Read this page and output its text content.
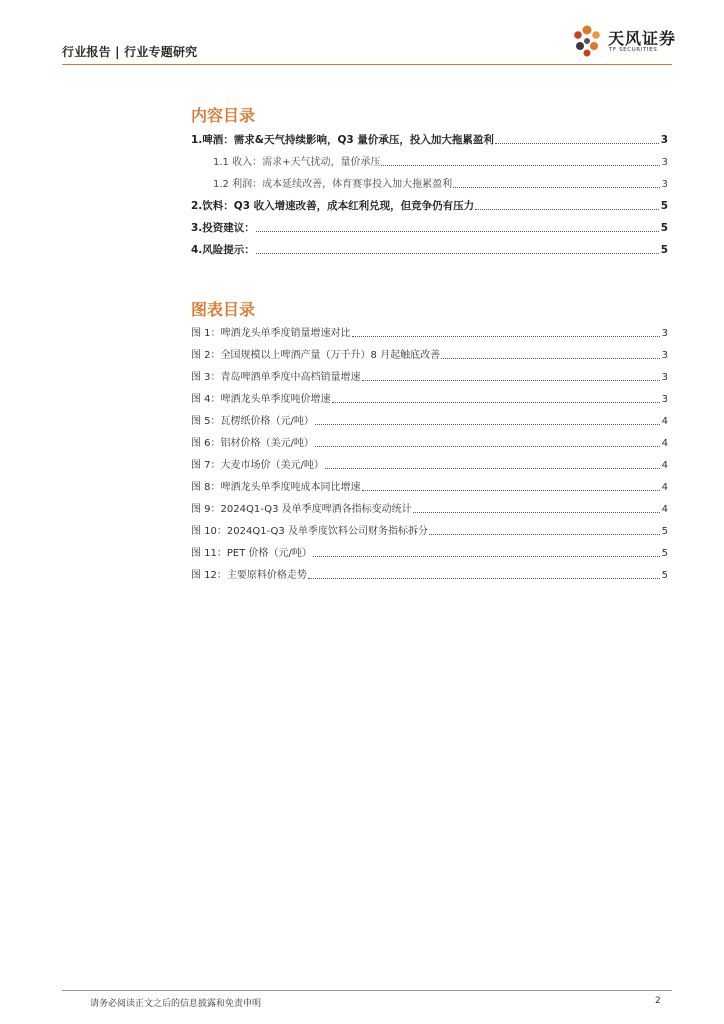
行业报告 | 行业专题研究
天风证券
TF SECURITIES
内容目录
1.啤酒：需求&天气持续影响，Q3 量价承压，投入加大拖累盈利	3
1.1 收入：需求+天气扰动，量价承压	3
1.2 利润：成本延续改善，体育赛事投入加大拖累盈利	3
2.饮料：Q3 收入增速改善，成本红利兑现，但竞争仍有压力	5
3.投资建议：	5
4.风险提示：	5
图表目录
图 1：啤酒龙头单季度销量增速对比	3
图 2：全国规模以上啤酒产量（万千升）8 月起触底改善	3
图 3：青岛啤酒单季度中高档销量增速	3
图 4：啤酒龙头单季度吨价增速	3
图 5：瓦楞纸价格（元/吨）	4
图 6：铝材价格（美元/吨）	4
图 7：大麦市场价（美元/吨）	4
图 8：啤酒龙头单季度吨成本同比增速	4
图 9：2024Q1-Q3 及单季度啤酒各指标变动统计	4
图 10：2024Q1-Q3 及单季度饮料公司财务指标拆分	5
图 11：PET 价格（元/吨）	5
图 12：主要原料价格走势	5
请务必阅读正文之后的信息披露和免责申明	2
